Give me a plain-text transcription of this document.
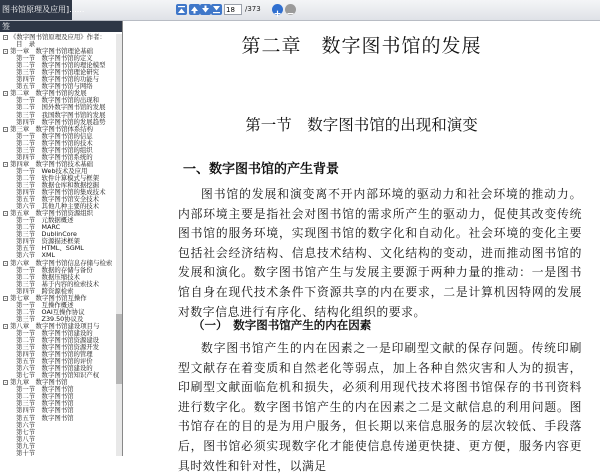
图书馆原理及应用]......	18	/373
签
- 《数字图书馆原理及应用》作者：
目　录
- 第一章　数字图书馆理论基础
第一节　数字图书馆的定义
第二节　数字图书馆的理论模型
第三节　数字图书馆理论研究
第四节　数字图书馆的功能与
第五节　数字图书馆与网络
- 第二章　数字图书馆的发展
第一节　数字图书馆的出现和
第二节　国外数字图书馆的发展
第三节　我国数字图书馆的发展
第四节　数字图书馆的发展趋势
- 第三章　数字图书馆体系结构
第一节　数字图书馆的信息
第二节　数字图书馆的技术
第三节　数字图书馆的组织
第四节　数字图书馆系统的
- 第四章　数字图书馆技术基础
第一节　Web技术及应用
第二节　软件计算模式与框架
第三节　数据仓库和数据挖掘
第四节　数字图书馆的集成技术
第五节　数字图书馆安全技术
第六节　其他几种主要的技术
- 第五章　数字图书馆资源组织
第一节　元数据概述
第二节　MARC
第三节　DublinCore
第四节　资源描述框架
第五节　HTML、SGML
第六节　XML
- 第六章　数字图书馆信息存储与检索
第一节　数据的存储与备份
第二节　数据压缩技术
第三节　基于内容的检索技术
第四节　跨资源检索
- 第七章　数字图书馆互操作
第一节　互操作概述
第二节　OAI互操作协议
第三节　Z39.50协议及
- 第八章　数字图书馆建设项目与
第一节　数字图书馆建设的
第二节　数字图书馆资源建设
第三节　数字图书馆资源开发
第四节　数字图书馆的管理
第五节　数字图书馆的评价
第六节　数字图书馆建设的
第七节　数字图书馆知识产权
- 第九章　数字图书馆
第一节　数字图书馆
第二节　数字图书馆
第三节　数字图书馆
第四节　数字图书馆
第五节　数字图书馆
第六节
第七节
第八节
第九节
第十节
第二章　数字图书馆的发展
第一节　数字图书馆的出现和演变
一、数字图书馆的产生背景
图书馆的发展和演变离不开内部环境的驱动力和社会环境的推动力。内部环境主要是指社会对图书馆的需求所产生的驱动力，促使其改变传统图书馆的服务环境，实现图书馆的数字化和自动化。社会环境的变化主要包括社会经济结构、信息技术结构、文化结构的变动，进而推动图书馆的发展和演化。数字图书馆产生与发展主要源于两种力量的推动：一是图书馆自身在现代技术条件下资源共享的内在要求，二是计算机因特网的发展对数字信息进行有序化、结构化组织的要求。
（一）　数字图书馆产生的内在因素
数字图书馆产生的内在因素之一是印刷型文献的保存问题。传统印刷型文献存在着变质和自然老化等弱点，加上各种自然灾害和人为的损害，印刷型文献面临危机和损失，必须利用现代技术将图书馆保存的书刊资料进行数字化。数字图书馆产生的内在因素之二是文献信息的利用问题。图书馆存在的目的是为用户服务，但长期以来信息服务的层次较低、手段落后，图书馆必须实现数字化才能使信息传递更快捷、更方便，服务内容更具时效性和针对性，以满足
